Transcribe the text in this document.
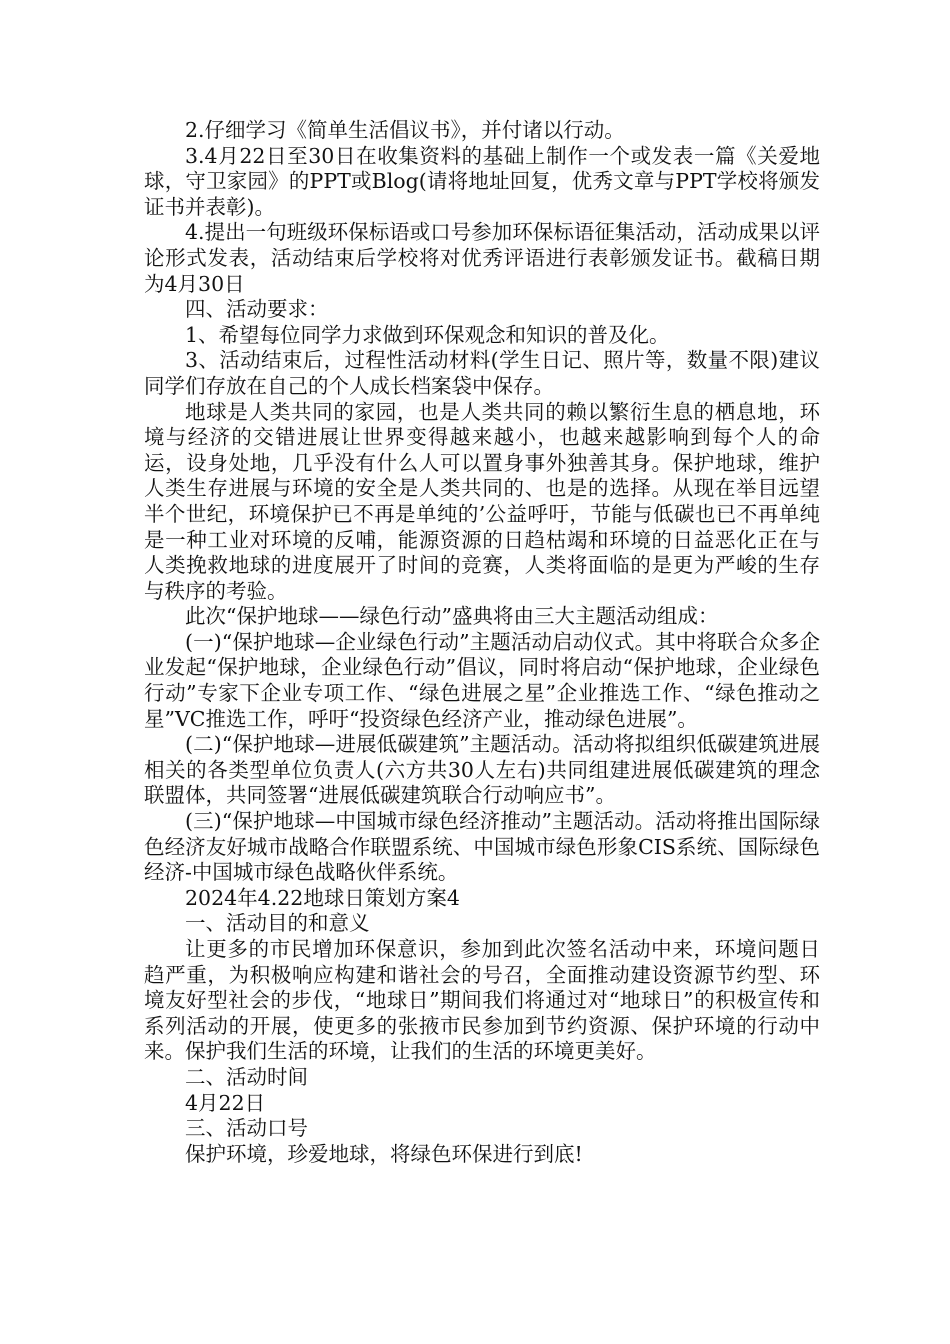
2.仔细学习《简单生活倡议书》，并付诸以行动。

3.4月22日至30日在收集资料的基础上制作一个或发表一篇《关爱地球，守卫家园》的PPT或Blog(请将地址回复，优秀文章与PPT学校将颁发证书并表彰)。

4.提出一句班级环保标语或口号参加环保标语征集活动，活动成果以评论形式发表，活动结束后学校将对优秀评语进行表彰颁发证书。截稿日期为4月30日

四、活动要求：

1、希望每位同学力求做到环保观念和知识的普及化。

3、活动结束后，过程性活动材料(学生日记、照片等，数量不限)建议同学们存放在自己的个人成长档案袋中保存。

地球是人类共同的家园，也是人类共同的赖以繁衍生息的栖息地，环境与经济的交错进展让世界变得越来越小，也越来越影响到每个人的命运，设身处地，几乎没有什么人可以置身事外独善其身。保护地球，维护人类生存进展与环境的安全是人类共同的、也是的选择。从现在举目远望半个世纪，环境保护已不再是单纯的’公益呼吁，节能与低碳也已不再单纯是一种工业对环境的反哺，能源资源的日趋枯竭和环境的日益恶化正在与人类挽救地球的进度展开了时间的竞赛，人类将面临的是更为严峻的生存与秩序的考验。

此次“保护地球——绿色行动”盛典将由三大主题活动组成：

(一)“保护地球—企业绿色行动”主题活动启动仪式。其中将联合众多企业发起“保护地球，企业绿色行动”倡议，同时将启动“保护地球，企业绿色行动”专家下企业专项工作、“绿色进展之星”企业推选工作、“绿色推动之星”VC推选工作，呼吁“投资绿色经济产业，推动绿色进展”。

(二)“保护地球—进展低碳建筑”主题活动。活动将拟组织低碳建筑进展相关的各类型单位负责人(六方共30人左右)共同组建进展低碳建筑的理念联盟体，共同签署“进展低碳建筑联合行动响应书”。

(三)“保护地球—中国城市绿色经济推动”主题活动。活动将推出国际绿色经济友好城市战略合作联盟系统、中国城市绿色形象CIS系统、国际绿色经济-中国城市绿色战略伙伴系统。

2024年4.22地球日策划方案4

一、活动目的和意义

让更多的市民增加环保意识，参加到此次签名活动中来，环境问题日趋严重，为积极响应构建和谐社会的号召，全面推动建设资源节约型、环境友好型社会的步伐，“地球日”期间我们将通过对“地球日”的积极宣传和系列活动的开展，使更多的张掖市民参加到节约资源、保护环境的行动中来。保护我们生活的环境，让我们的生活的环境更美好。

二、活动时间

4月22日

三、活动口号

保护环境，珍爱地球，将绿色环保进行到底!
